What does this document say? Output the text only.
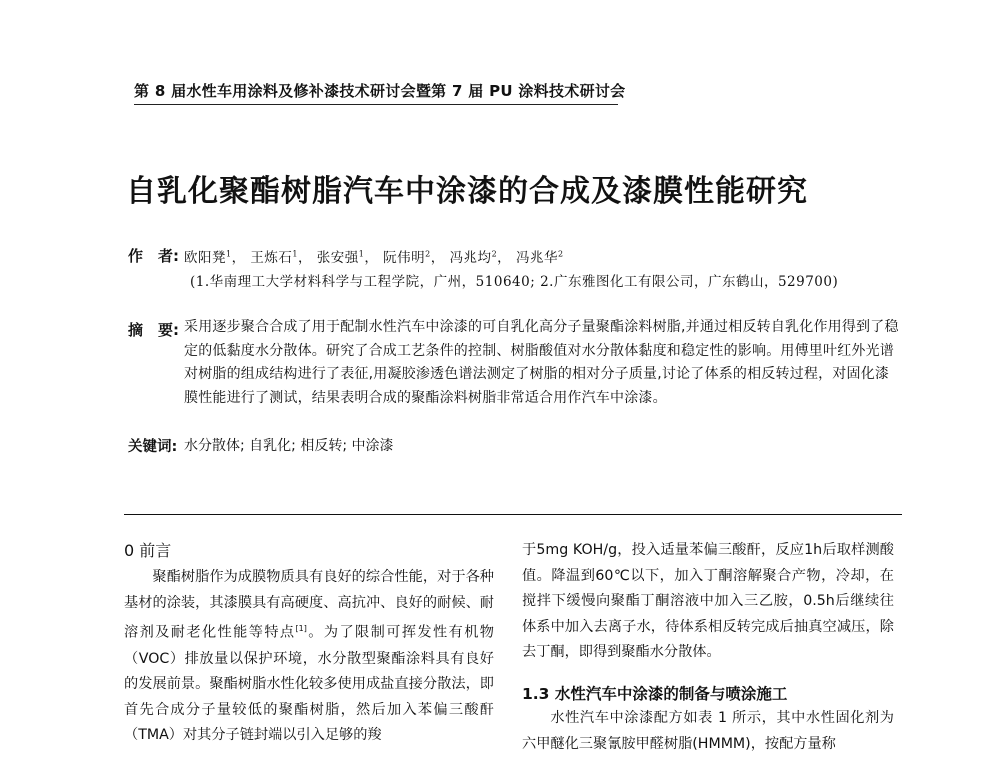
第 8 届水性车用涂料及修补漆技术研讨会暨第 7 届 PU 涂料技术研讨会
自乳化聚酯树脂汽车中涂漆的合成及漆膜性能研究
作　者: 欧阳凳$^1$， 王炼石$^1$， 张安强$^1$， 阮伟明$^2$， 冯兆均$^2$， 冯兆华$^2$
(1.华南理工大学材料科学与工程学院，广州，510640; 2.广东雅图化工有限公司，广东鹤山，529700)
摘　要: 采用逐步聚合合成了用于配制水性汽车中涂漆的可自乳化高分子量聚酯涂料树脂,并通过相反转自乳化作用得到了稳定的低黏度水分散体。研究了合成工艺条件的控制、树脂酸值对水分散体黏度和稳定性的影响。用傅里叶红外光谱对树脂的组成结构进行了表征,用凝胶渗透色谱法测定了树脂的相对分子质量,讨论了体系的相反转过程，对固化漆膜性能进行了测试，结果表明合成的聚酯涂料树脂非常适合用作汽车中涂漆。
关键词: 水分散体; 自乳化; 相反转; 中涂漆
0 前言

聚酯树脂作为成膜物质具有良好的综合性能，对于各种基材的涂装，其漆膜具有高硬度、高抗冲、良好的耐候、耐溶剂及耐老化性能等特点[1]。为了限制可挥发性有机物（VOC）排放量以保护环境，水分散型聚酯涂料具有良好的发展前景。聚酯树脂水性化较多使用成盐直接分散法，即首先合成分子量较低的聚酯树脂，然后加入苯偏三酸酐（TMA）对其分子链封端以引入足够的羧

于5mg KOH/g，投入适量苯偏三酸酐，反应1h后取样测酸值。降温到60℃以下，加入丁酮溶解聚合产物，冷却，在搅拌下缓慢向聚酯丁酮溶液中加入三乙胺，0.5h后继续往体系中加入去离子水，待体系相反转完成后抽真空减压，除去丁酮，即得到聚酯水分散体。

1.3 水性汽车中涂漆的制备与喷涂施工

水性汽车中涂漆配方如表 1 所示，其中水性固化剂为六甲醚化三聚氰胺甲醛树脂(HMMM)，按配方量称
